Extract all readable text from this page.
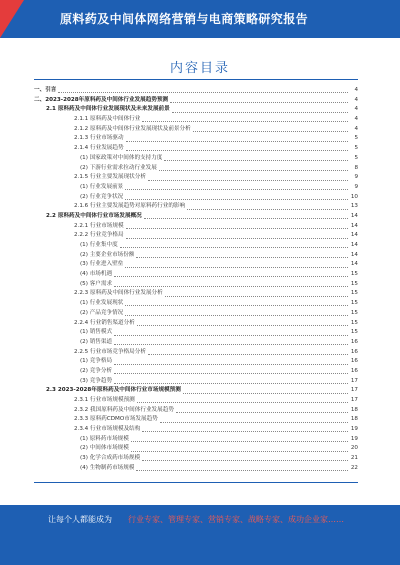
原料药及中间体网络营销与电商策略研究报告
内容目录
一、引言	4
二、2023-2028年原料药及中间体行业发展趋势预测	4
2.1 原料药及中间体行业发展现状及未来发展前景	4
2.1.1 原料药及中间体行业	4
2.1.2 原料药及中间体行业发展现状及前景分析	4
2.1.3 行业市场驱动	5
2.1.4 行业发展趋势	5
(1) 国家政策对中间体的支持力度	5
(2) 下游行业需求拉动行业发展	8
2.1.5 行业主要发展现状分析	9
(1) 行业发展前景	9
(2) 行业竞争状况	10
2.1.6 行业主要发展趋势对原料药行业的影响	13
2.2 原料药及中间体行业市场发展概况	14
2.2.1 行业市场规模	14
2.2.2 行业竞争格局	14
(1) 行业集中度	14
(2) 主要企业市场份额	14
(3) 行业进入壁垒	14
(4) 市场机遇	15
(5) 客户需求	15
2.2.3 原料药及中间体行业发展分析	15
(1) 行业发展现状	15
(2) 产品竞争情况	15
2.2.4 行业销售渠道分析	15
(1) 销售模式	15
(2) 销售渠道	16
2.2.5 行业市场竞争格局分析	16
(1) 竞争格局	16
(2) 竞争分析	16
(3) 竞争趋势	17
2.3 2023-2028年原料药及中间体行业市场规模预测	17
2.3.1 行业市场规模预测	17
2.3.2 我国原料药及中间体行业发展趋势	18
2.3.3 原料药CDMO市场发展趋势	18
2.3.4 行业市场规模及结构	19
(1) 原料药市场规模	19
(2) 中间体市场规模	20
(3) 化学合成药市场规模	21
(4) 生物制药市场规模	22
让每个人都能成为 行业专家、管理专家、营销专家、战略专家、成功企业家……
